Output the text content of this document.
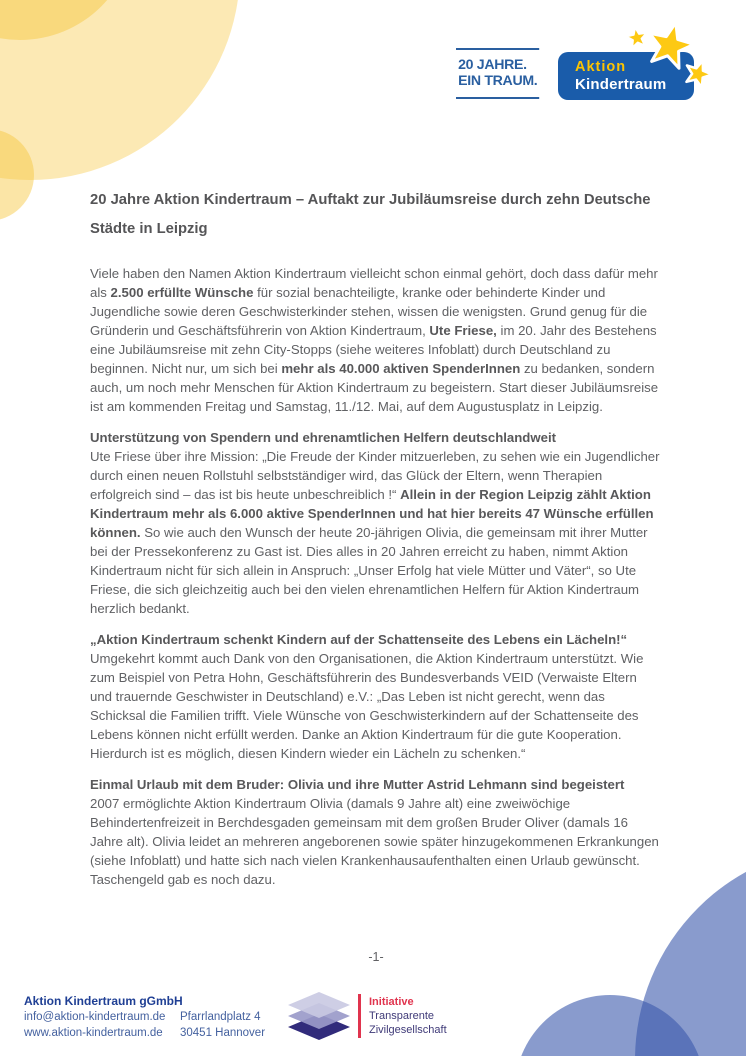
20 JAHRE.
EIN TRAUM.
Aktion
Kindertraum
20 Jahre Aktion Kindertraum – Auftakt zur Jubiläumsreise durch zehn Deutsche Städte in Leipzig

Viele haben den Namen Aktion Kindertraum vielleicht schon einmal gehört, doch dass dafür mehr als 2.500 erfüllte Wünsche für sozial benachteiligte, kranke oder behinderte Kinder und Jugendliche sowie deren Geschwisterkinder stehen, wissen die wenigsten. Grund genug für die Gründerin und Geschäftsführerin von Aktion Kindertraum, Ute Friese, im 20. Jahr des Bestehens eine Jubiläumsreise mit zehn City-Stopps (siehe weiteres Infoblatt) durch Deutschland zu beginnen. Nicht nur, um sich bei mehr als 40.000 aktiven SpenderInnen zu bedanken, sondern auch, um noch mehr Menschen für Aktion Kindertraum zu begeistern. Start dieser Jubiläumsreise ist am kommenden Freitag und Samstag, 11./12. Mai, auf dem Augustusplatz in Leipzig.

Unterstützung von Spendern und ehrenamtlichen Helfern deutschlandweit

Ute Friese über ihre Mission: „Die Freude der Kinder mitzuerleben, zu sehen wie ein Jugendlicher durch einen neuen Rollstuhl selbstständiger wird, das Glück der Eltern, wenn Therapien erfolgreich sind – das ist bis heute unbeschreiblich !“ Allein in der Region Leipzig zählt Aktion Kindertraum mehr als 6.000 aktive SpenderInnen und hat hier bereits 47 Wünsche erfüllen können. So wie auch den Wunsch der heute 20-jährigen Olivia, die gemeinsam mit ihrer Mutter bei der Pressekonferenz zu Gast ist. Dies alles in 20 Jahren erreicht zu haben, nimmt Aktion Kindertraum nicht für sich allein in Anspruch: „Unser Erfolg hat viele Mütter und Väter“, so Ute Friese, die sich gleichzeitig auch bei den vielen ehrenamtlichen Helfern für Aktion Kindertraum herzlich bedankt.

„Aktion Kindertraum schenkt Kindern auf der Schattenseite des Lebens ein Lächeln!“

Umgekehrt kommt auch Dank von den Organisationen, die Aktion Kindertraum unterstützt. Wie zum Beispiel von Petra Hohn, Geschäftsführerin des Bundesverbands VEID (Verwaiste Eltern und trauernde Geschwister in Deutschland) e.V.: „Das Leben ist nicht gerecht, wenn das Schicksal die Familien trifft. Viele Wünsche von Geschwisterkindern auf der Schattenseite des Lebens können nicht erfüllt werden. Danke an Aktion Kindertraum für die gute Kooperation. Hierdurch ist es möglich, diesen Kindern wieder ein Lächeln zu schenken.“

Einmal Urlaub mit dem Bruder: Olivia und ihre Mutter Astrid Lehmann sind begeistert

2007 ermöglichte Aktion Kindertraum Olivia (damals 9 Jahre alt) eine zweiwöchige Behindertenfreizeit in Berchdesgaden gemeinsam mit dem großen Bruder Oliver (damals 16 Jahre alt). Olivia leidet an mehreren angeborenen sowie später hinzugekommenen Erkrankungen (siehe Infoblatt) und hatte sich nach vielen Krankenhausaufenthalten einen Urlaub gewünscht. Taschengeld gab es noch dazu.

-1-
Aktion Kindertraum gGmbH
info@aktion-kindertraum.de
www.aktion-kindertraum.de
Pfarrlandplatz 4
30451 Hannover
Initiative
Transparente
Zivilgesellschaft
